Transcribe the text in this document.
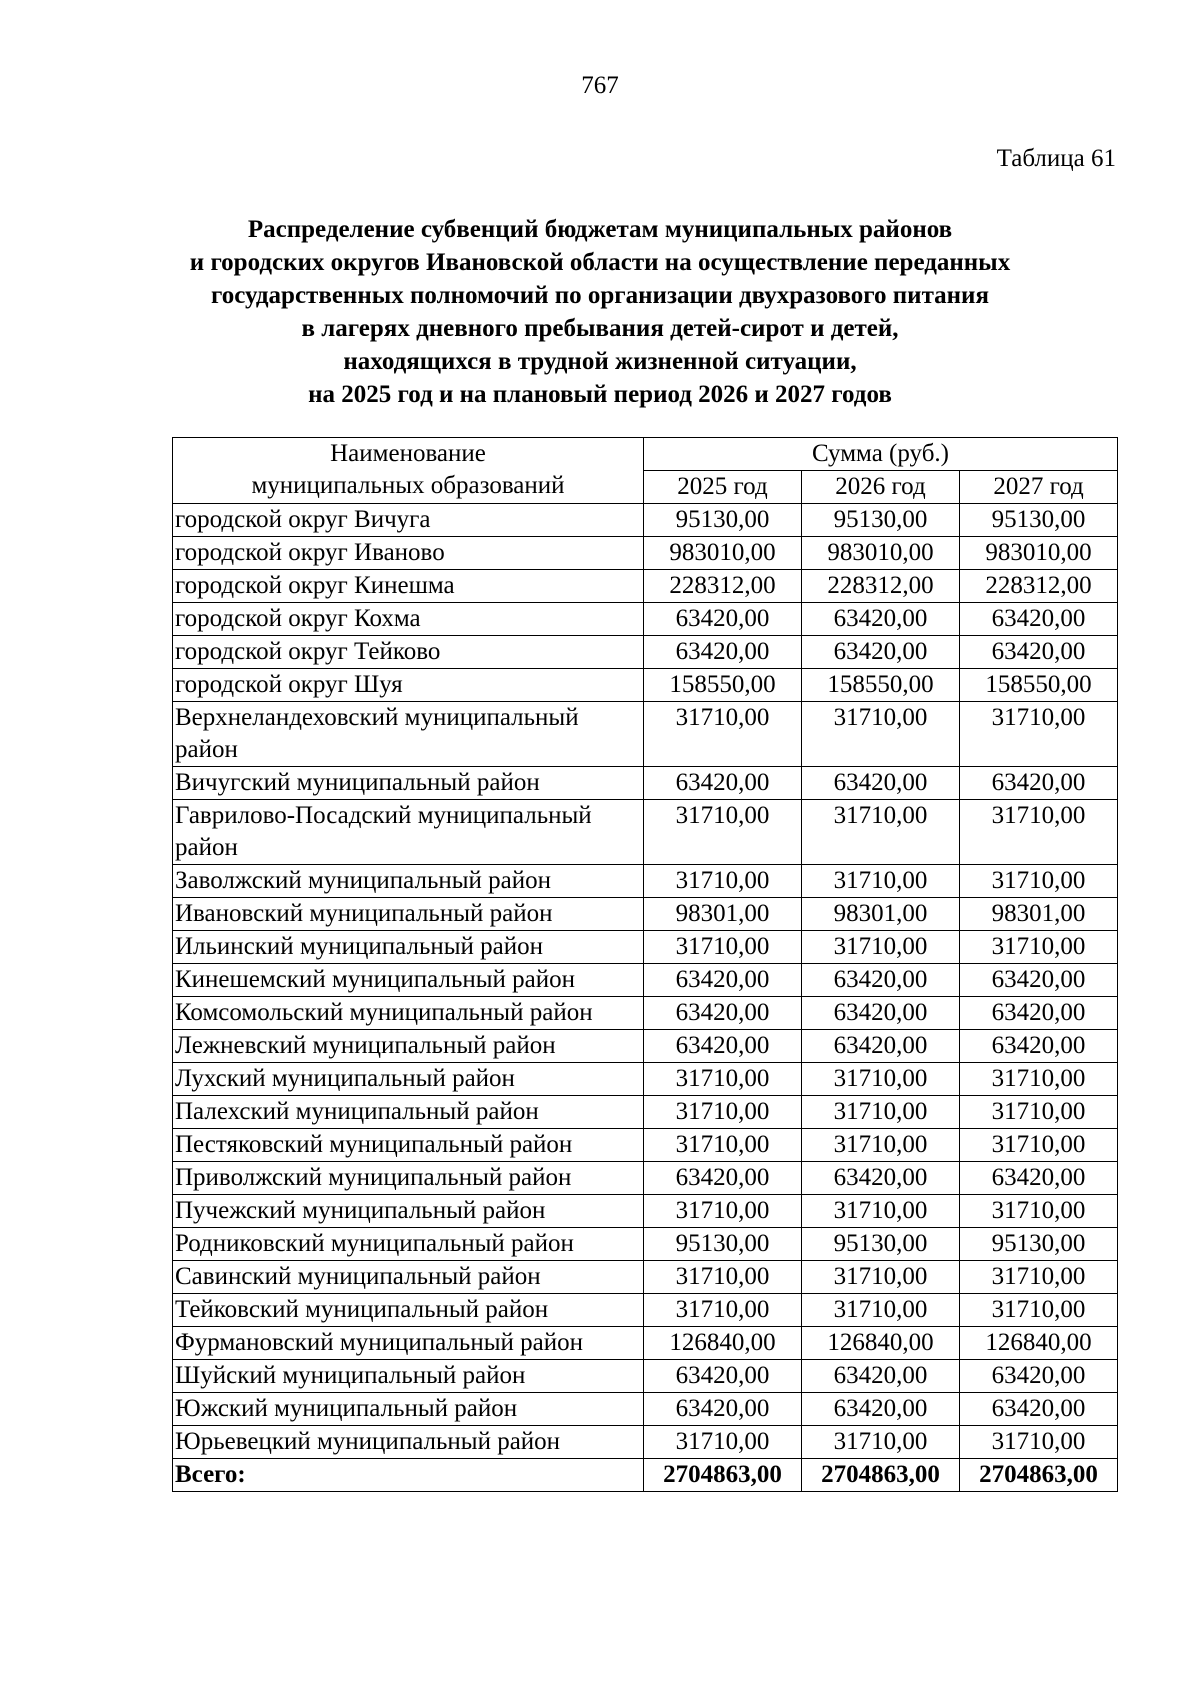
767
Таблица 61
Распределение субвенций бюджетам муниципальных районов
и городских округов Ивановской области на осуществление переданных
государственных полномочий по организации двухразового питания
в лагерях дневного пребывания детей-сирот и детей,
находящихся в трудной жизненной ситуации,
на 2025 год и на плановый период 2026 и 2027 годов
Наименование
муниципальных образований	Сумма (руб.)		
	2025 год	2026 год	2027 год
городской округ Вичуга	95130,00	95130,00	95130,00
городской округ Иваново	983010,00	983010,00	983010,00
городской округ Кинешма	228312,00	228312,00	228312,00
городской округ Кохма	63420,00	63420,00	63420,00
городской округ Тейково	63420,00	63420,00	63420,00
городской округ Шуя	158550,00	158550,00	158550,00
Верхнеландеховский муниципальный район	31710,00	31710,00	31710,00
Вичугский муниципальный район	63420,00	63420,00	63420,00
Гаврилово-Посадский муниципальный район	31710,00	31710,00	31710,00
Заволжский муниципальный район	31710,00	31710,00	31710,00
Ивановский муниципальный район	98301,00	98301,00	98301,00
Ильинский муниципальный район	31710,00	31710,00	31710,00
Кинешемский муниципальный район	63420,00	63420,00	63420,00
Комсомольский муниципальный район	63420,00	63420,00	63420,00
Лежневский муниципальный район	63420,00	63420,00	63420,00
Лухский муниципальный район	31710,00	31710,00	31710,00
Палехский муниципальный район	31710,00	31710,00	31710,00
Пестяковский муниципальный район	31710,00	31710,00	31710,00
Приволжский муниципальный район	63420,00	63420,00	63420,00
Пучежский муниципальный район	31710,00	31710,00	31710,00
Родниковский муниципальный район	95130,00	95130,00	95130,00
Савинский муниципальный район	31710,00	31710,00	31710,00
Тейковский муниципальный район	31710,00	31710,00	31710,00
Фурмановский муниципальный район	126840,00	126840,00	126840,00
Шуйский муниципальный район	63420,00	63420,00	63420,00
Южский муниципальный район	63420,00	63420,00	63420,00
Юрьевецкий муниципальный район	31710,00	31710,00	31710,00
Всего:	2704863,00	2704863,00	2704863,00
